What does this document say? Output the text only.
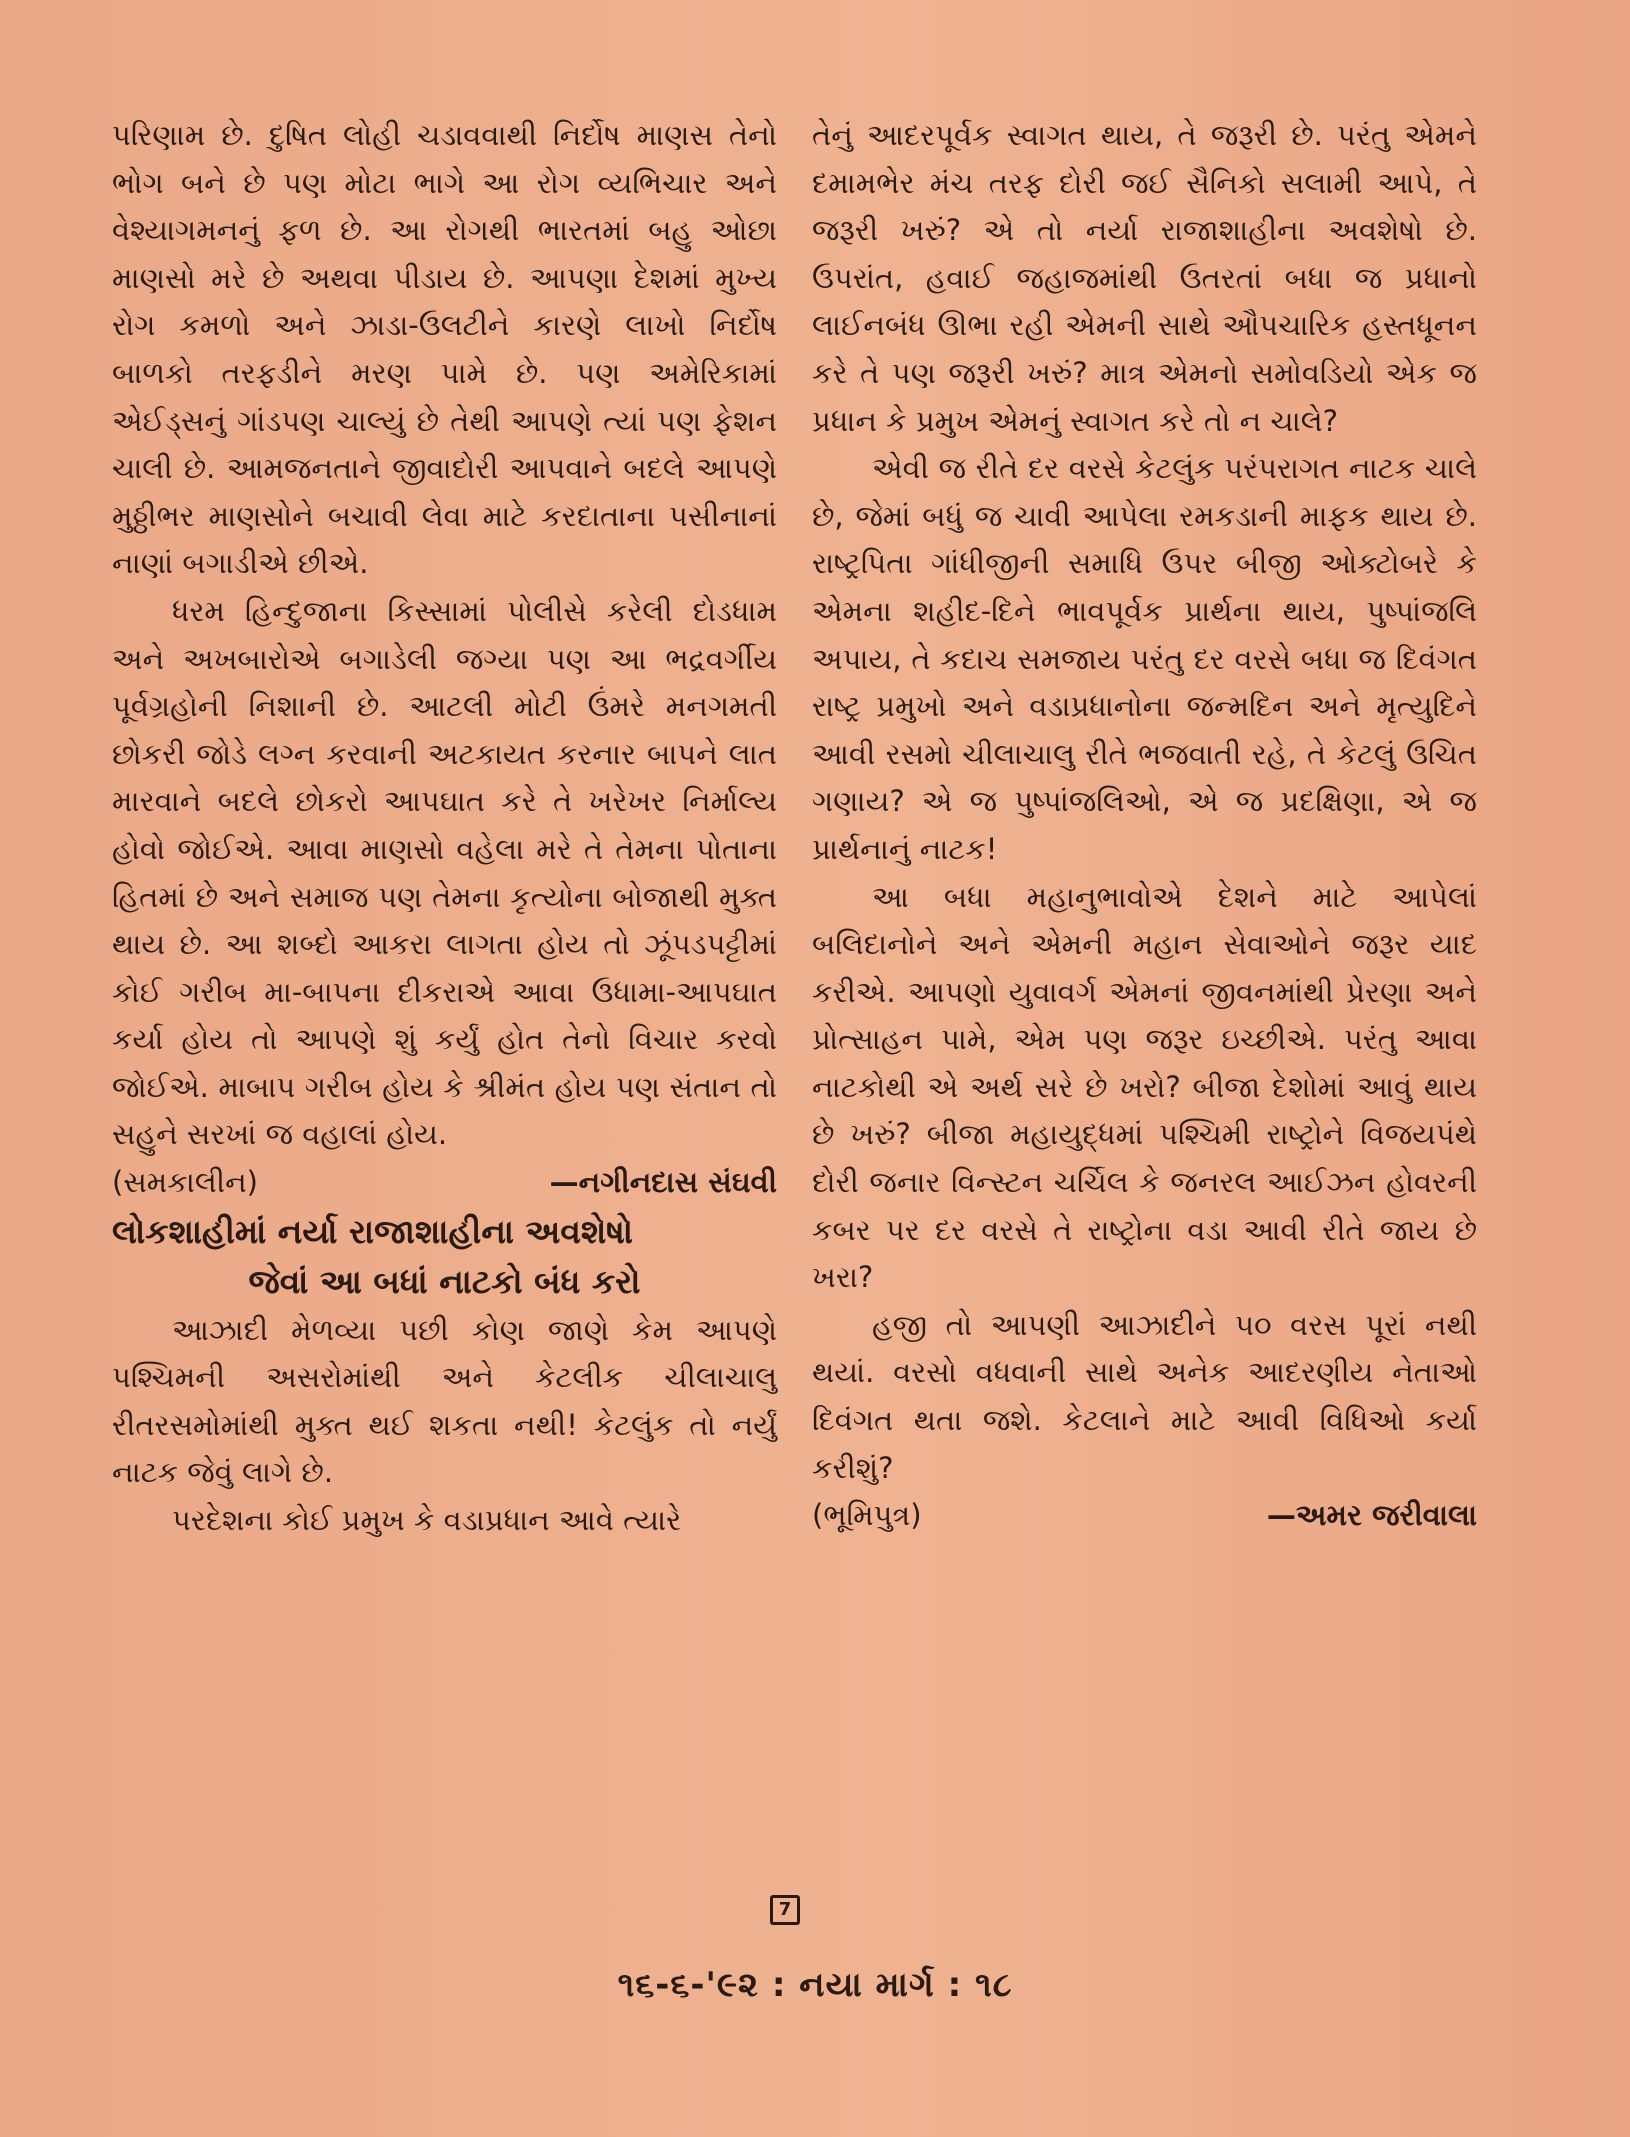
પરિણામ છે. દુષિત લોહી ચડાવવાથી નિર્દોષ માણસ તેનો ભોગ બને છે પણ મોટા ભાગે આ રોગ વ્યભિચાર અને વેશ્યાગમનનું ફળ છે. આ રોગથી ભારતમાં બહુ ઓછા માણસો મરે છે અથવા પીડાય છે. આપણા દેશમાં મુખ્ય રોગ કમળો અને ઝાડા-ઉલટીને કારણે લાખો નિર્દોષ બાળકો તરફડીને મરણ પામે છે. પણ અમેરિકામાં એઈડ્સનું ગાંડપણ ચાલ્યું છે તેથી આપણે ત્યાં પણ ફેશન ચાલી છે. આમજનતાને જીવાદોરી આપવાને બદલે આપણે મુઠ્ઠીભર માણસોને બચાવી લેવા માટે કરદાતાના પસીનાનાં નાણાં બગાડીએ છીએ.

ધરમ હિન્દુજાના કિસ્સામાં પોલીસે કરેલી દોડધામ અને અખબારોએ બગાડેલી જગ્યા પણ આ ભદ્રવર્ગીય પૂર્વગ્રહોની નિશાની છે. આટલી મોટી ઉંમરે મનગમતી છોકરી જોડે લગ્ન કરવાની અટકાયત કરનાર બાપને લાત મારવાને બદલે છોકરો આપઘાત કરે તે ખરેખર નિર્માલ્ય હોવો જોઈએ. આવા માણસો વહેલા મરે તે તેમના પોતાના હિતમાં છે અને સમાજ પણ તેમના કૃત્યોના બોજાથી મુક્ત થાય છે. આ શબ્દો આકરા લાગતા હોય તો ઝૂંપડપટ્ટીમાં કોઈ ગરીબ મા-બાપના દીકરાએ આવા ઉધામા-આપઘાત કર્યા હોય તો આપણે શું કર્યું હોત તેનો વિચાર કરવો જોઈએ. માબાપ ગરીબ હોય કે શ્રીમંત હોય પણ સંતાન તો સહુને સરખાં જ વહાલાં હોય.

(સમકાલીન)	—નગીનદાસ સંઘવી

લોકશાહીમાં નર્યા રાજાશાહીના અવશેષો

જેવાં આ બધાં નાટકો બંધ કરો

આઝાદી મેળવ્યા પછી કોણ જાણે કેમ આપણે પશ્ચિમની અસરોમાંથી અને કેટલીક ચીલાચાલુ રીતરસમોમાંથી મુક્ત થઈ શકતા નથી! કેટલુંક તો નર્યું નાટક જેવું લાગે છે.

પરદેશના કોઈ પ્રમુખ કે વડાપ્રધાન આવે ત્યારે

તેનું આદરપૂર્વક સ્વાગત થાય, તે જરૂરી છે. પરંતુ એમને દમામભેર મંચ તરફ દોરી જઈ સૈનિકો સલામી આપે, તે જરૂરી ખરું? એ તો નર્યા રાજાશાહીના અવશેષો છે. ઉપરાંત, હવાઈ જહાજમાંથી ઉતરતાં બધા જ પ્રધાનો લાઈનબંધ ઊભા રહી એમની સાથે ઔપચારિક હસ્તધૂનન કરે તે પણ જરૂરી ખરું? માત્ર એમનો સમોવડિયો એક જ પ્રધાન કે પ્રમુખ એમનું સ્વાગત કરે તો ન ચાલે?

એવી જ રીતે દર વરસે કેટલુંક પરંપરાગત નાટક ચાલે છે, જેમાં બધું જ ચાવી આપેલા રમકડાની માફક થાય છે. રાષ્ટ્રપિતા ગાંધીજીની સમાધિ ઉપર બીજી ઓક્ટોબરે કે એમના શહીદ-દિને ભાવપૂર્વક પ્રાર્થના થાય, પુષ્પાંજલિ અપાય, તે કદાચ સમજાય પરંતુ દર વરસે બધા જ દિવંગત રાષ્ટ્ર પ્રમુખો અને વડાપ્રધાનોના જન્મદિન અને મૃત્યુદિને આવી રસમો ચીલાચાલુ રીતે ભજવાતી રહે, તે કેટલું ઉચિત ગણાય? એ જ પુષ્પાંજલિઓ, એ જ પ્રદક્ષિણા, એ જ પ્રાર્થનાનું નાટક!

આ બધા મહાનુભાવોએ દેશને માટે આપેલાં બલિદાનોને અને એમની મહાન સેવાઓને જરૂર યાદ કરીએ. આપણો યુવાવર્ગ એમનાં જીવનમાંથી પ્રેરણા અને પ્રોત્સાહન પામે, એમ પણ જરૂર ઇચ્છીએ. પરંતુ આવા નાટકોથી એ અર્થ સરે છે ખરો? બીજા દેશોમાં આવું થાય છે ખરું? બીજા મહાયુદ્ધમાં પશ્ચિમી રાષ્ટ્રોને વિજયપંથે દોરી જનાર વિન્સ્ટન ચર્ચિલ કે જનરલ આઈઝન હોવરની કબર પર દર વરસે તે રાષ્ટ્રોના વડા આવી રીતે જાય છે ખરા?

હજી તો આપણી આઝાદીને ૫૦ વરસ પૂરાં નથી થયાં. વરસો વધવાની સાથે અનેક આદરણીય નેતાઓ દિવંગત થતા જશે. કેટલાને માટે આવી વિધિઓ કર્યા કરીશું?

(ભૂમિપુત્ર)	—અમર જરીવાલા
7
૧૬-૬-'૯૨ : નયા માર્ગ : ૧૮
